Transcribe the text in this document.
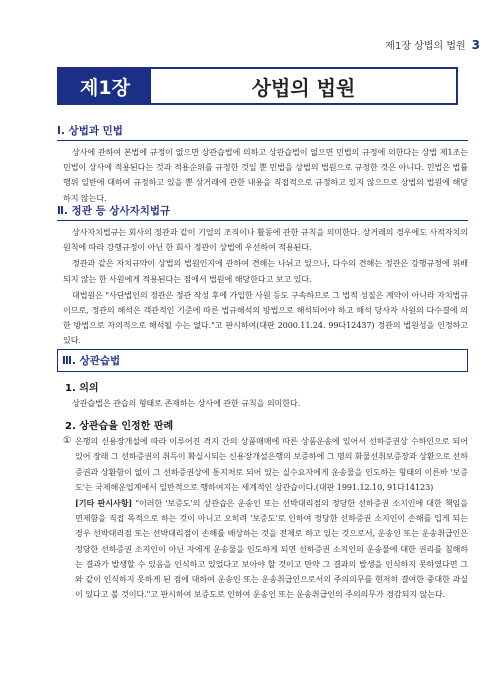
제1장 상법의 법원 3
제1장	상법의 법원
Ⅰ. 상법과 민법

상사에 관하여 본법에 규정이 없으면 상관습법에 의하고 상관습법이 없으면 민법의 규정에 의한다는 상법 제1조는 민법이 상사에 적용된다는 것과 적용순위를 규정한 것일 뿐 민법을 상법의 법원으로 규정한 것은 아니다. 민법은 법률행위 일반에 대하여 규정하고 있을 뿐 상거래에 관한 내용을 직접적으로 규정하고 있지 않으므로 상법의 법원에 해당하지 않는다.

Ⅱ. 정관 등 상사자치법규

상사자치법규는 회사의 정관과 같이 기업의 조직이나 활동에 관한 규칙을 의미한다. 상거래의 경우에도 사적자치의 원칙에 따라 강행규정이 아닌 한 회사 정관이 상법에 우선하여 적용된다.

정관과 같은 자치규약이 상법의 법원인지에 관하여 견해는 나뉘고 있으나, 다수의 견해는 정관은 강행규정에 위배되지 않는 한 사원에게 적용된다는 점에서 법원에 해당한다고 보고 있다.

대법원은 "사단법인의 정관은 정관 작성 후에 가입한 사원 등도 구속하므로 그 법적 성질은 계약이 아니라 자치법규이므로, 정관의 해석은 객관적인 기준에 따른 법규해석의 방법으로 해석되어야 하고 해석 당사자 사원의 다수결에 의한 방법으로 자의적으로 해석될 수는 없다."고 판시하여(대판 2000.11.24. 99다12437) 정관의 법원성을 인정하고 있다.

Ⅲ. 상관습법
1. 의의

상관습법은 관습의 형태로 존재하는 상사에 관한 규칙을 의미한다.

2. 상관습을 인정한 판례
① 은행의 신용장개설에 따라 이루어진 격지 간의 상품매매에 따른 상품운송에 있어서 선하증권상 수하인으로 되어 있어 장래 그 선하증권의 취득이 확실시되는 신용장개설은행의 보증하에 그 명의 화물선취보증장과 상환으로 선하증권과 상환함이 없이 그 선하증권상에 통지처로 되어 있는 실수요자에게 운송물을 인도하는 형태의 이른바 '보증도'는 국제해운업계에서 일반적으로 행하여지는 세계적인 상관습이다.(대판 1991.12.10, 91다14123)

[기타 판시사항] "이러한 '보증도'의 상관습은 운송인 또는 선박대리점의 정당한 선하증권 소지인에 대한 책임을 면제함을 직접 목적으로 하는 것이 아니고 오히려 '보증도'로 인하여 정당한 선하증권 소지인이 손해를 입게 되는 경우 선박대리점 또는 선박대리점이 손해를 배상하는 것을 전제로 하고 있는 것으로서, 운송인 또는 운송취급인은 정당한 선하증권 소지인이 아닌 자에게 운송물을 인도하게 되면 선하증권 소지인의 운송물에 대한 권리를 침해하는 결과가 발생할 수 있음을 인식하고 있었다고 보아야 할 것이고 만약 그 결과의 발생을 인식하지 못하였다면 그와 같이 인식하지 못하게 된 점에 대하여 운송인 또는 운송취급인으로서의 주의의무를 현저히 결여한 중대한 과실이 있다고 볼 것이다."고 판시하여 보증도로 인하여 운송인 또는 운송취급인의 주의의무가 경감되지 않는다.
